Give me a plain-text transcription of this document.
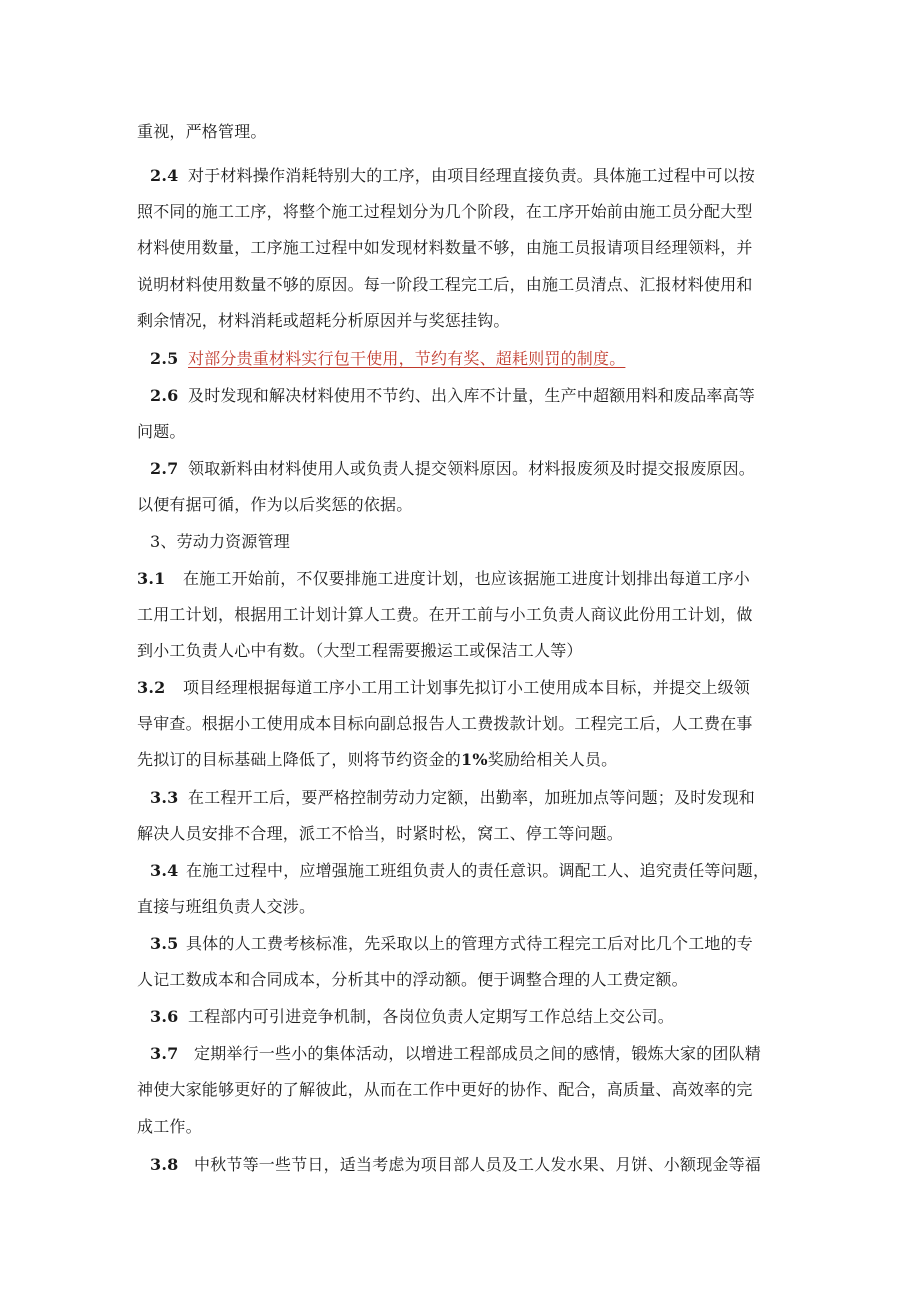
重视，严格管理。
2.4 对于材料操作消耗特别大的工序，由项目经理直接负责。具体施工过程中可以按
照不同的施工工序，将整个施工过程划分为几个阶段，在工序开始前由施工员分配大型
材料使用数量，工序施工过程中如发现材料数量不够，由施工员报请项目经理领料，并
说明材料使用数量不够的原因。每一阶段工程完工后，由施工员清点、汇报材料使用和
剩余情况，材料消耗或超耗分析原因并与奖惩挂钩。
2.5 对部分贵重材料实行包干使用，节约有奖、超耗则罚的制度。
2.6 及时发现和解决材料使用不节约、出入库不计量，生产中超额用料和废品率高等
问题。
2.7 领取新料由材料使用人或负责人提交领料原因。材料报废须及时提交报废原因。
以便有据可循，作为以后奖惩的依据。
3、劳动力资源管理
3.1 在施工开始前，不仅要排施工进度计划，也应该据施工进度计划排出每道工序小
工用工计划，根据用工计划计算人工费。在开工前与小工负责人商议此份用工计划，做
到小工负责人心中有数。（大型工程需要搬运工或保洁工人等）
3.2 项目经理根据每道工序小工用工计划事先拟订小工使用成本目标，并提交上级领
导审查。根据小工使用成本目标向副总报告人工费拨款计划。工程完工后，人工费在事
先拟订的目标基础上降低了，则将节约资金的1%奖励给相关人员。
3.3 在工程开工后，要严格控制劳动力定额，出勤率，加班加点等问题；及时发现和
解决人员安排不合理，派工不恰当，时紧时松，窝工、停工等问题。
3.4 在施工过程中，应增强施工班组负责人的责任意识。调配工人、追究责任等问题，
直接与班组负责人交涉。
3.5 具体的人工费考核标准，先采取以上的管理方式待工程完工后对比几个工地的专
人记工数成本和合同成本，分析其中的浮动额。便于调整合理的人工费定额。
3.6 工程部内可引进竞争机制，各岗位负责人定期写工作总结上交公司。
3.7 定期举行一些小的集体活动，以增进工程部成员之间的感情，锻炼大家的团队精
神使大家能够更好的了解彼此，从而在工作中更好的协作、配合，高质量、高效率的完
成工作。
3.8 中秋节等一些节日，适当考虑为项目部人员及工人发水果、月饼、小额现金等福
